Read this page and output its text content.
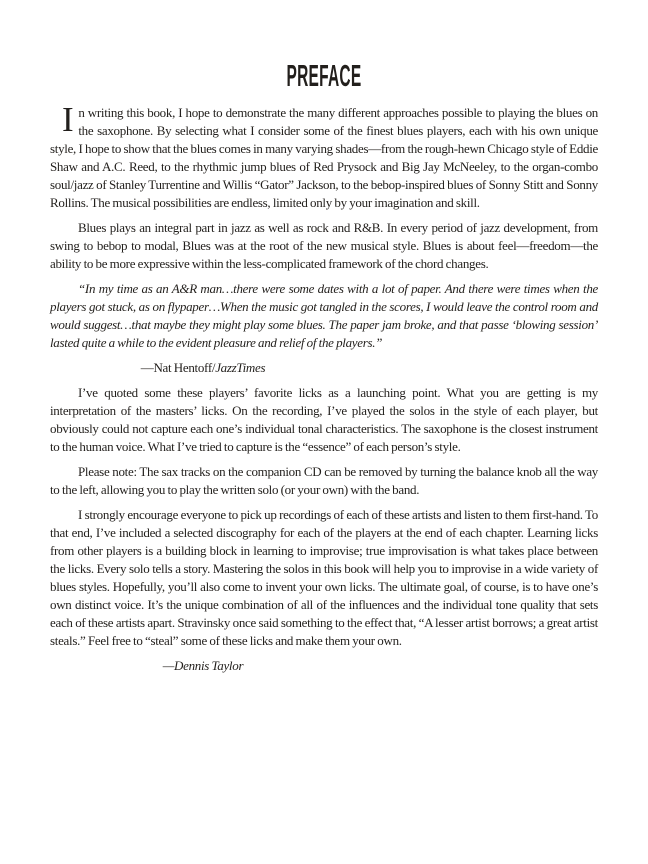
PREFACE

In writing this book, I hope to demonstrate the many different approaches possible to playing the blues on the saxophone. By selecting what I consider some of the finest blues players, each with his own unique style, I hope to show that the blues comes in many varying shades—from the rough-hewn Chicago style of Eddie Shaw and A.C. Reed, to the rhythmic jump blues of Red Prysock and Big Jay McNeeley, to the organ-combo soul/jazz of Stanley Turrentine and Willis “Gator” Jackson, to the bebop-inspired blues of Sonny Stitt and Sonny Rollins. The musical possibilities are endless, limited only by your imagination and skill.

Blues plays an integral part in jazz as well as rock and R&B. In every period of jazz development, from swing to bebop to modal, Blues was at the root of the new musical style. Blues is about feel—freedom—the ability to be more expressive within the less-complicated framework of the chord changes.

“In my time as an A&R man…there were some dates with a lot of paper. And there were times when the players got stuck, as on flypaper…When the music got tangled in the scores, I would leave the control room and would suggest…that maybe they might play some blues. The paper jam broke, and that passe ‘blowing session’ lasted quite a while to the evident pleasure and relief of the players.”

—Nat Hentoff/JazzTimes

I’ve quoted some these players’ favorite licks as a launching point. What you are getting is my interpretation of the masters’ licks. On the recording, I’ve played the solos in the style of each player, but obviously could not capture each one’s individual tonal characteristics. The saxophone is the closest instrument to the human voice. What I’ve tried to capture is the “essence” of each person’s style.

Please note: The sax tracks on the companion CD can be removed by turning the balance knob all the way to the left, allowing you to play the written solo (or your own) with the band.

I strongly encourage everyone to pick up recordings of each of these artists and listen to them first-hand. To that end, I’ve included a selected discography for each of the players at the end of each chapter. Learning licks from other players is a building block in learning to improvise; true improvisation is what takes place between the licks. Every solo tells a story. Mastering the solos in this book will help you to improvise in a wide variety of blues styles. Hopefully, you’ll also come to invent your own licks. The ultimate goal, of course, is to have one’s own distinct voice. It’s the unique combination of all of the influences and the individual tone quality that sets each of these artists apart. Stravinsky once said something to the effect that, “A lesser artist borrows; a great artist steals.” Feel free to “steal” some of these licks and make them your own.

—Dennis Taylor
